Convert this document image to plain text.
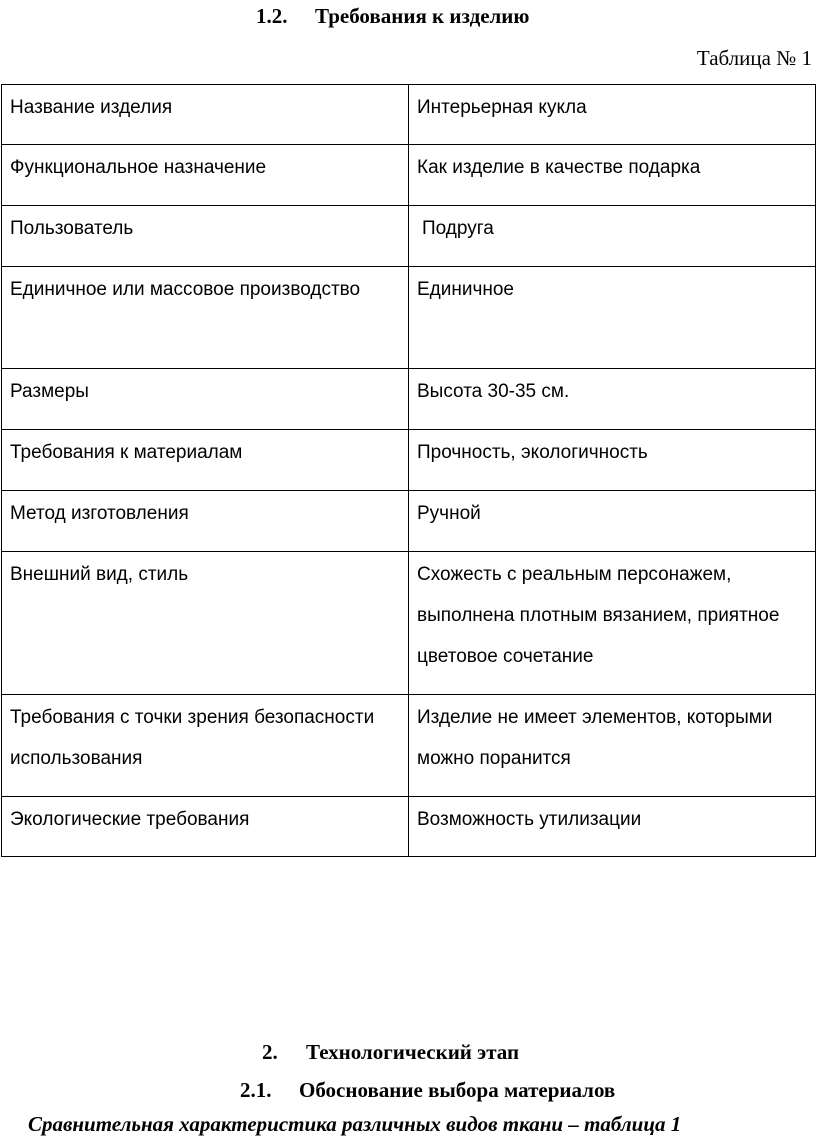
1.2. Требования к изделию
Таблица № 1
Название изделия	Интерьерная кукла
Функциональное назначение	Как изделие в качестве подарка
Пользователь	Подруга
Единичное или массовое производство	Единичное
Размеры	Высота 30-35 см.
Требования к материалам	Прочность, экологичность
Метод изготовления	Ручной
Внешний вид, стиль	Схожесть с реальным персонажем, выполнена плотным вязанием, приятное цветовое сочетание
Требования с точки зрения безопасности использования	Изделие не имеет элементов, которыми можно поранится
Экологические требования	Возможность утилизации
2. Технологический этап
2.1. Обоснование выбора материалов
Сравнительная характеристика различных видов ткани – таблица 1
